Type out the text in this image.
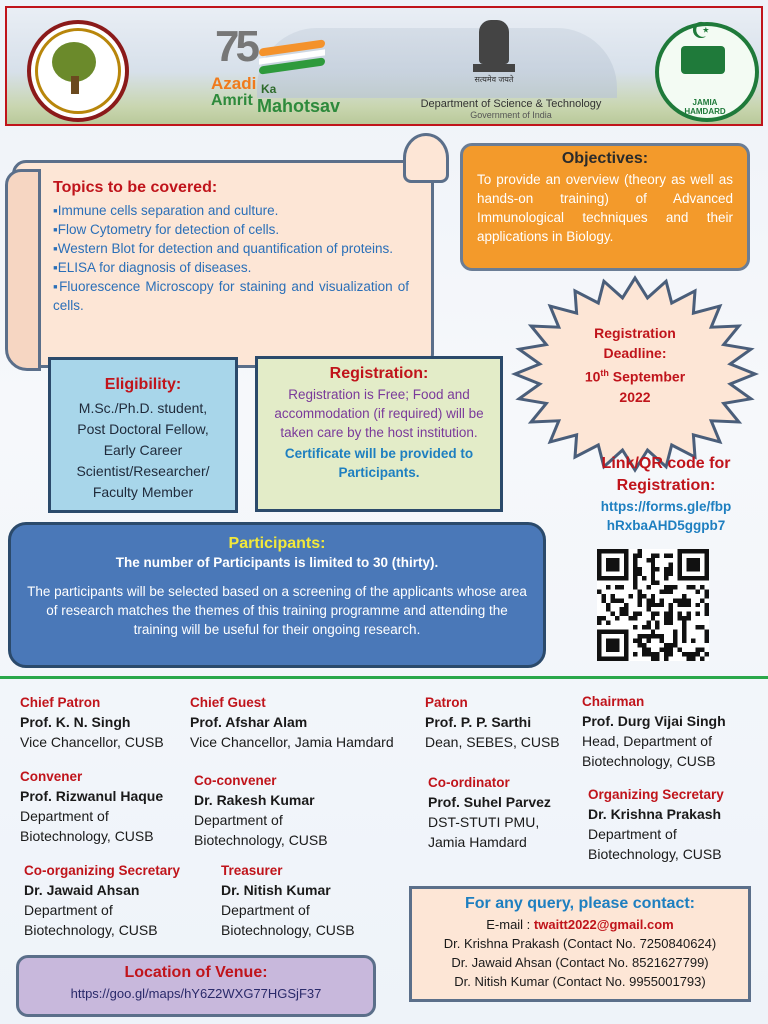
75
Azadi Ka
Amrit Mahotsav
सत्यमेव जयते
Department of Science & Technology
Government of India
☪
JAMIA HAMDARD
Topics to be covered:
▪Immune cells separation and culture.
▪Flow Cytometry for detection of cells.
▪Western Blot for detection and quantification of proteins.
▪ELISA for diagnosis of diseases.
▪Fluorescence Microscopy for staining and visualization of cells.
Objectives:

To provide an overview (theory as well as hands-on training) of Advanced Immunological techniques and their applications in Biology.

Registration
Deadline:
10th September
2022
Eligibility:

M.Sc./Ph.D. student,

Post Doctoral Fellow,

Early Career

Scientist/Researcher/

Faculty Member

Registration:

Registration is Free; Food and accommodation (if required) will be taken care by the host institution.

Certificate will be provided to Participants.

Link/QR code for
Registration:
https://forms.gle/fbp
hRxbaAHD5ggpb7
Participants:

The number of Participants is limited to 30 (thirty).

The participants will be selected based on a screening of the applicants whose area of research matches the themes of this training programme and attending the training will be useful for their ongoing research.

Chief Patron
Prof. K. N. Singh
Vice Chancellor, CUSB
Chief Guest
Prof. Afshar Alam
Vice Chancellor, Jamia Hamdard
Patron
Prof. P. P. Sarthi
Dean, SEBES, CUSB
Chairman
Prof. Durg Vijai Singh
Head, Department of
Biotechnology, CUSB
Convener
Prof. Rizwanul Haque
Department of
Biotechnology, CUSB
Co-convener
Dr. Rakesh Kumar
Department of
Biotechnology, CUSB
Co-ordinator
Prof. Suhel Parvez
DST-STUTI PMU,
Jamia Hamdard
Organizing Secretary
Dr. Krishna Prakash
Department of
Biotechnology, CUSB
Co-organizing Secretary
Dr. Jawaid Ahsan
Department of
Biotechnology, CUSB
Treasurer
Dr. Nitish Kumar
Department of
Biotechnology, CUSB
For any query, please contact:

E-mail : twaitt2022@gmail.com

Dr. Krishna Prakash (Contact No. 7250840624)

Dr. Jawaid Ahsan (Contact No. 8521627799)

Dr. Nitish Kumar (Contact No. 9955001793)

Location of Venue:

https://goo.gl/maps/hY6Z2WXG77HGSjF37
